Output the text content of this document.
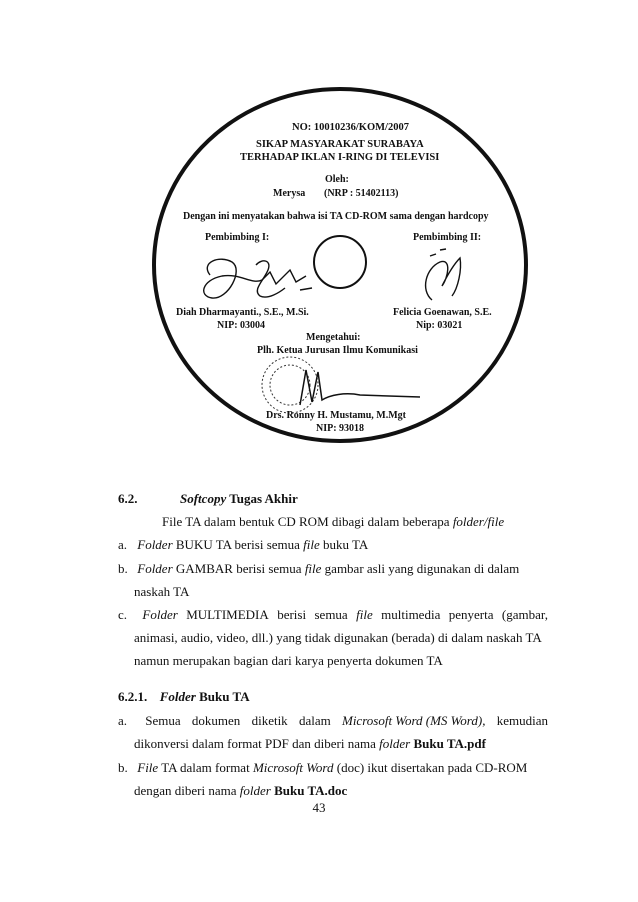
NO: 10010236/KOM/2007
SIKAP MASYARAKAT SURABAYA
TERHADAP IKLAN I-RING DI TELEVISI
Oleh:
Merysa (NRP : 51402113)
Dengan ini menyatakan bahwa isi TA CD-ROM sama dengan hardcopy
Pembimbing I:	Pembimbing II:
Diah Dharmayanti., S.E., M.Si.
NIP: 03004
Felicia Goenawan, S.E.
Nip: 03021
Mengetahui:
Plh. Ketua Jurusan Ilmu Komunikasi
Drs. Ronny H. Mustamu, M.Mgt
NIP: 93018
6.2.	Softcopy Tugas Akhir
File TA dalam bentuk CD ROM dibagi dalam beberapa folder/file
a. Folder BUKU TA berisi semua file buku TA
b. Folder GAMBAR berisi semua file gambar asli yang digunakan di dalam
naskah TA
c.	Folder MULTIMEDIA berisi semua file multimedia penyerta (gambar,
animasi, audio, video, dll.) yang tidak digunakan (berada) di dalam naskah TA
namun merupakan bagian dari karya penyerta dokumen TA
6.2.1. Folder Buku TA
a.	Semua dokumen diketik dalam Microsoft Word (MS Word), kemudian
dikonversi dalam format PDF dan diberi nama folder Buku TA.pdf
b. File TA dalam format Microsoft Word (doc) ikut disertakan pada CD-ROM
dengan diberi nama folder Buku TA.doc
43
